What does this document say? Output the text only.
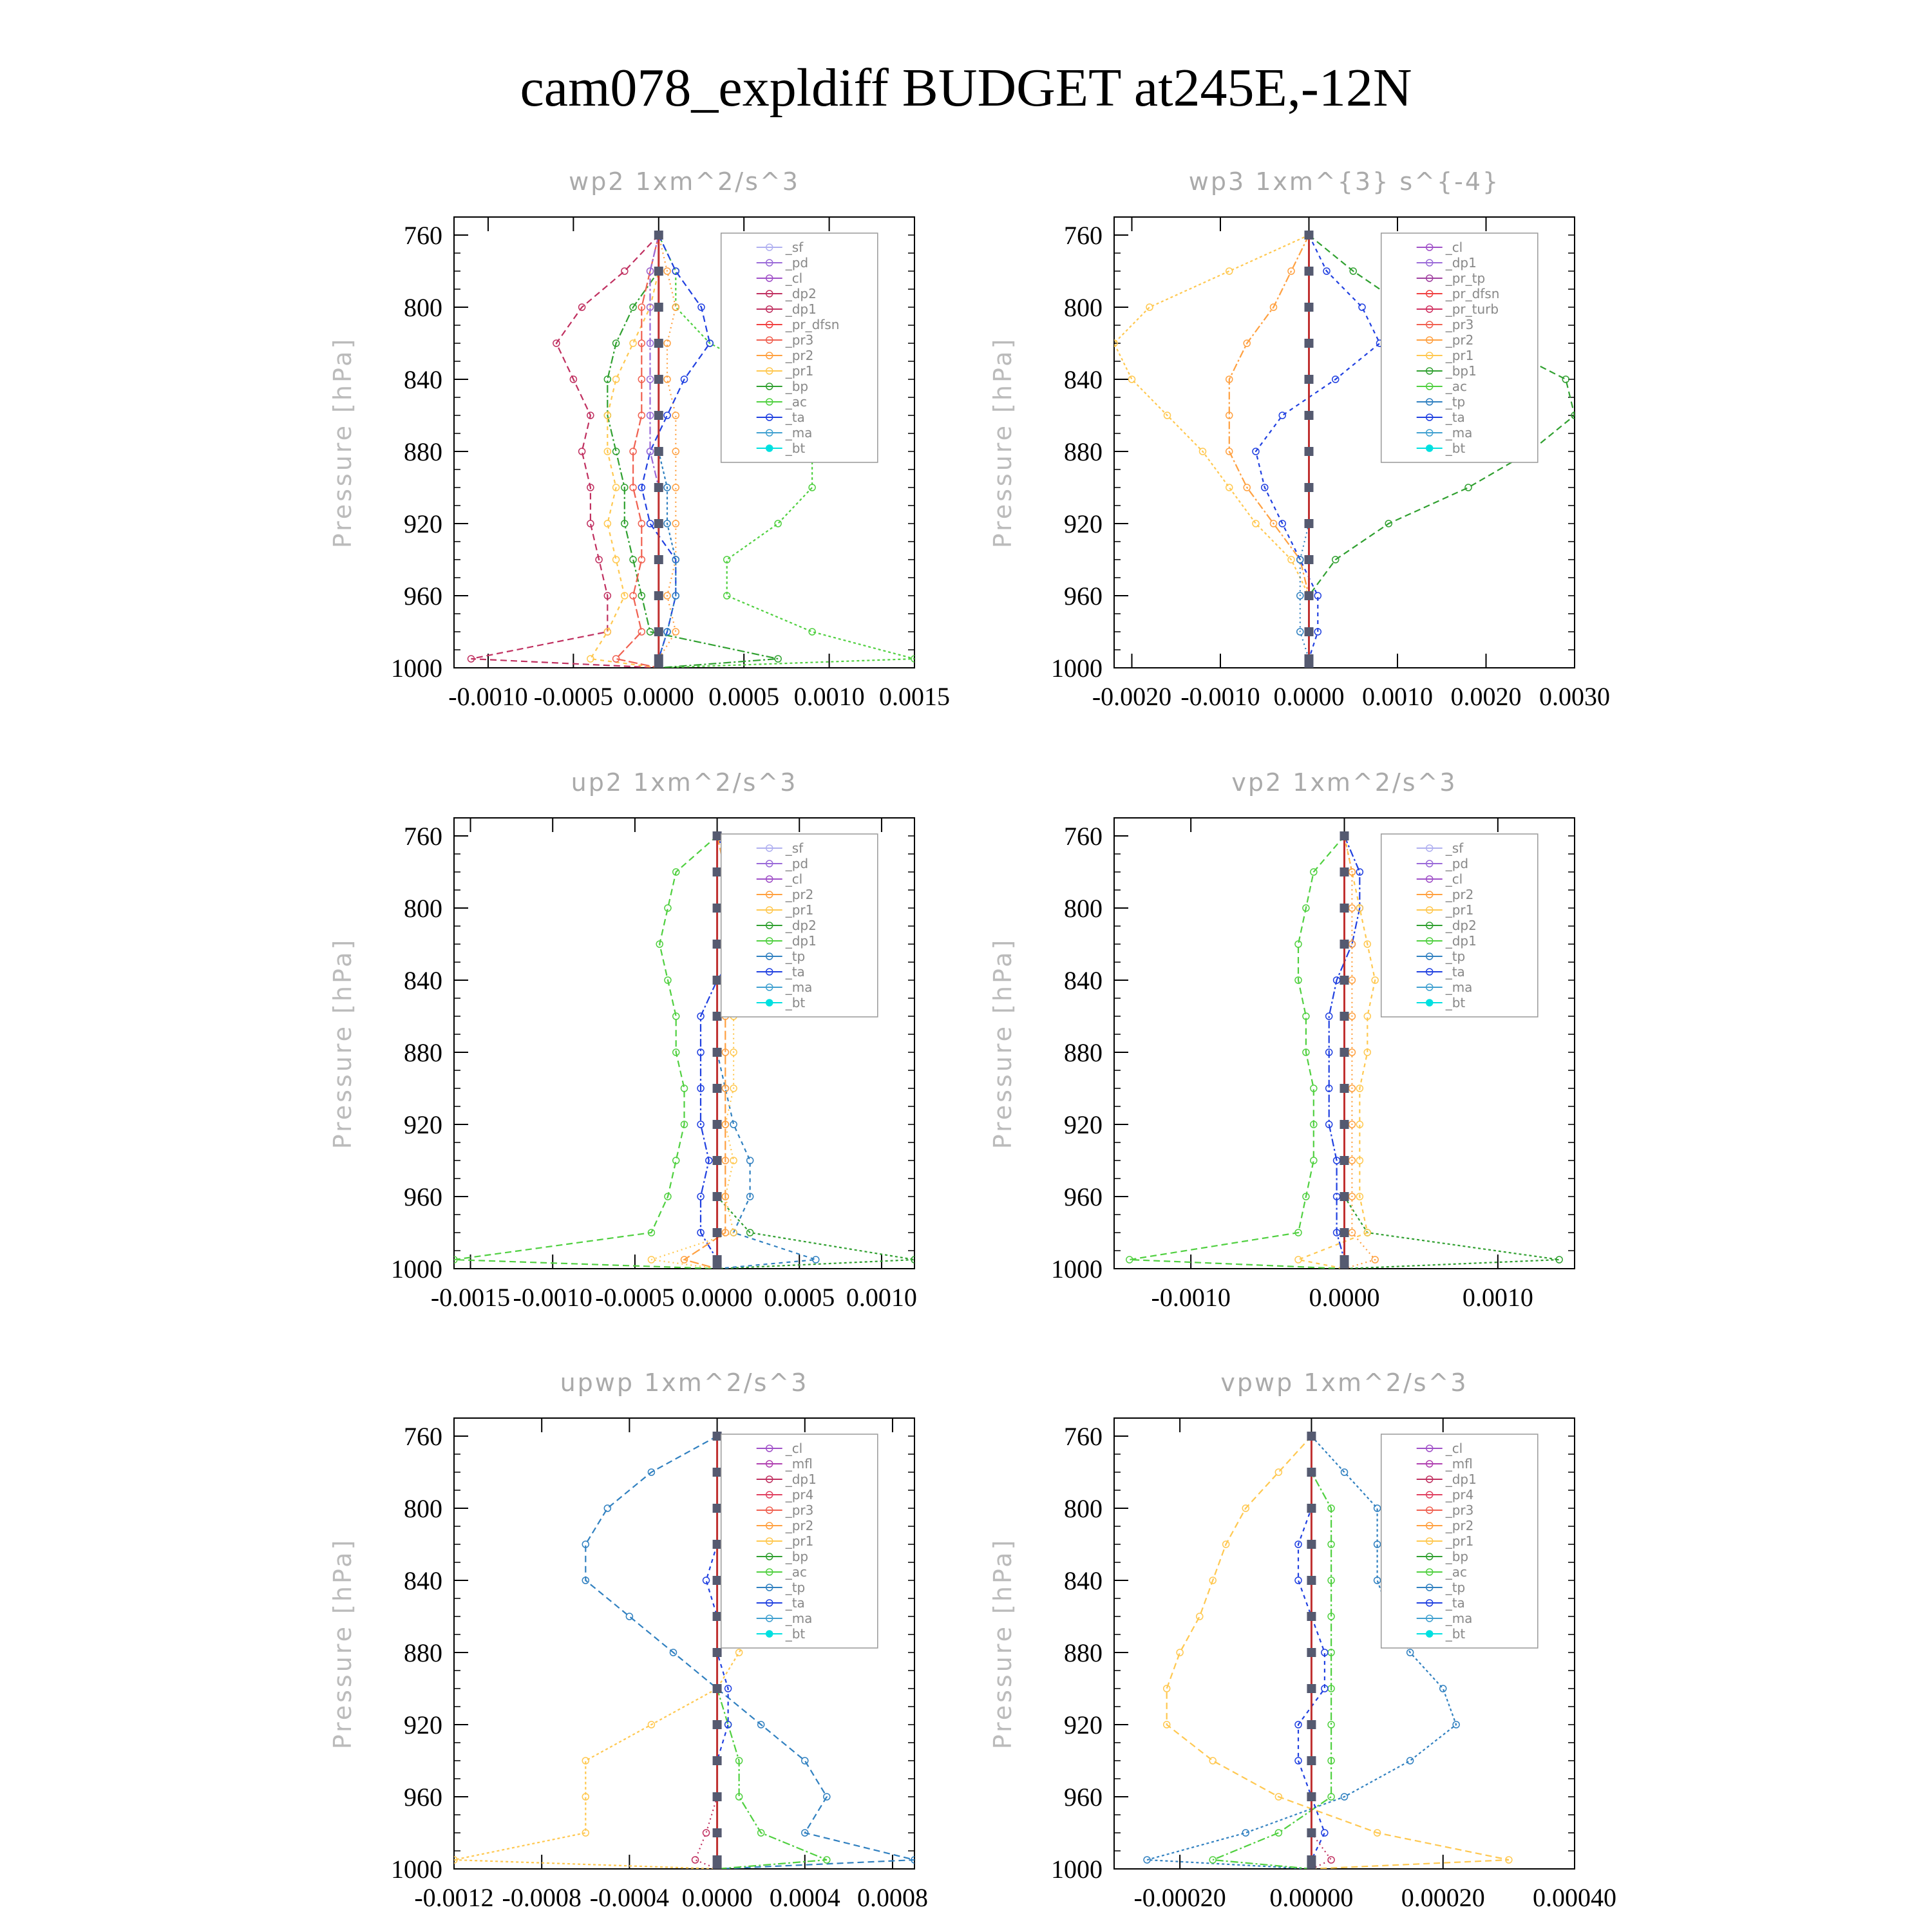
cam078_expldiff BUDGET at245E,-12N
wp2 1xm^2/s^3
Pressure [hPa]
760
800
840
880
920
960
1000
-0.0010 -0.0005 0.0000 0.0005 0.0010 0.0015
_sf
_pd
_cl
_dp2
_dp1
_pr_dfsn
_pr3
_pr2
_pr1
_bp
_ac
_ta
_ma
_bt
wp3 1xm^{3} s^{-4}
Pressure [hPa]
760
800
840
880
920
960
1000
-0.0020 -0.0010 0.0000 0.0010 0.0020 0.0030
_cl
_dp1
_pr_tp
_pr_dfsn
_pr_turb
_pr3
_pr2
_pr1
_bp1
_ac
_tp
_ta
_ma
_bt
up2 1xm^2/s^3
Pressure [hPa]
760
800
840
880
920
960
1000
-0.0015 -0.0010 -0.0005 0.0000 0.0005 0.0010
_sf
_pd
_cl
_pr2
_pr1
_dp2
_dp1
_tp
_ta
_ma
_bt
vp2 1xm^2/s^3
Pressure [hPa]
760
800
840
880
920
960
1000
-0.0010	0.0000	0.0010
_sf
_pd
_cl
_pr2
_pr1
_dp2
_dp1
_tp
_ta
_ma
_bt
upwp 1xm^2/s^3
Pressure [hPa]
760
800
840
880
920
960
1000
-0.0012 -0.0008 -0.0004 0.0000 0.0004 0.0008
_cl
_mfl
_dp1
_pr4
_pr3
_pr2
_pr1
_bp
_ac
_tp
_ta
_ma
_bt
vpwp 1xm^2/s^3
Pressure [hPa]
760
800
840
880
920
960
1000
-0.00020 0.00000 0.00020 0.00040
_cl
_mfl
_dp1
_pr4
_pr3
_pr2
_pr1
_bp
_ac
_tp
_ta
_ma
_bt
